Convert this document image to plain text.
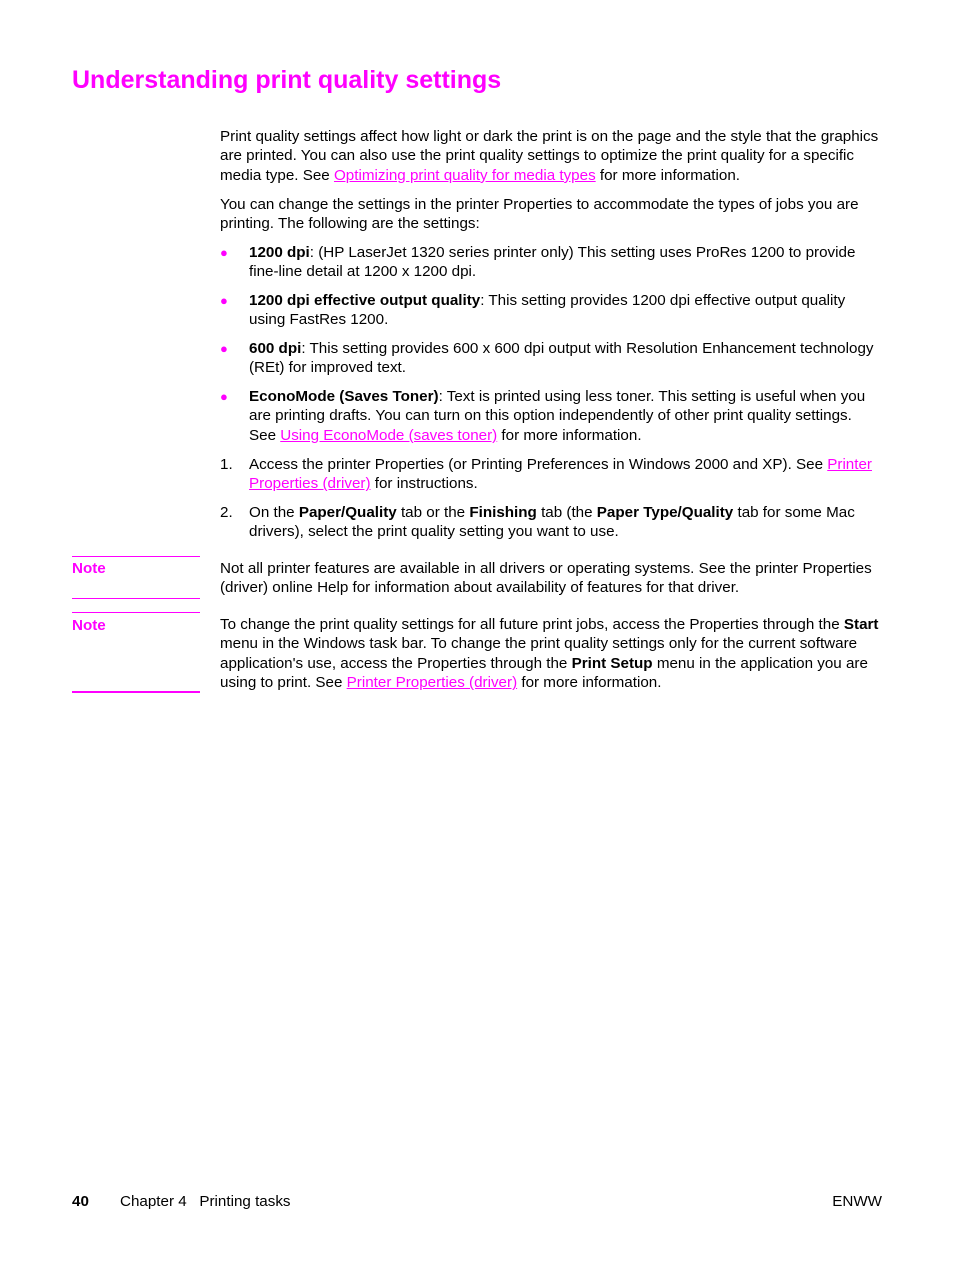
Understanding print quality settings

Print quality settings affect how light or dark the print is on the page and the style that the graphics are printed. You can also use the print quality settings to optimize the print quality for a specific media type. See Optimizing print quality for media types for more information.

You can change the settings in the printer Properties to accommodate the types of jobs you are printing. The following are the settings:

●	1200 dpi: (HP LaserJet 1320 series printer only) This setting uses ProRes 1200 to provide fine-line detail at 1200 x 1200 dpi.
●	1200 dpi effective output quality: This setting provides 1200 dpi effective output quality using FastRes 1200.
●	600 dpi: This setting provides 600 x 600 dpi output with Resolution Enhancement technology (REt) for improved text.
●	EconoMode (Saves Toner): Text is printed using less toner. This setting is useful when you are printing drafts. You can turn on this option independently of other print quality settings. See Using EconoMode (saves toner) for more information.
1.	Access the printer Properties (or Printing Preferences in Windows 2000 and XP). See Printer Properties (driver) for instructions.
2.	On the Paper/Quality tab or the Finishing tab (the Paper Type/Quality tab for some Mac drivers), select the print quality setting you want to use.
Note	Not all printer features are available in all drivers or operating systems. See the printer Properties (driver) online Help for information about availability of features for that driver.

Note	To change the print quality settings for all future print jobs, access the Properties through the Start menu in the Windows task bar. To change the print quality settings only for the current software application's use, access the Properties through the Print Setup menu in the application you are using to print. See Printer Properties (driver) for more information.

40 Chapter 4   Printing tasks	ENWW
